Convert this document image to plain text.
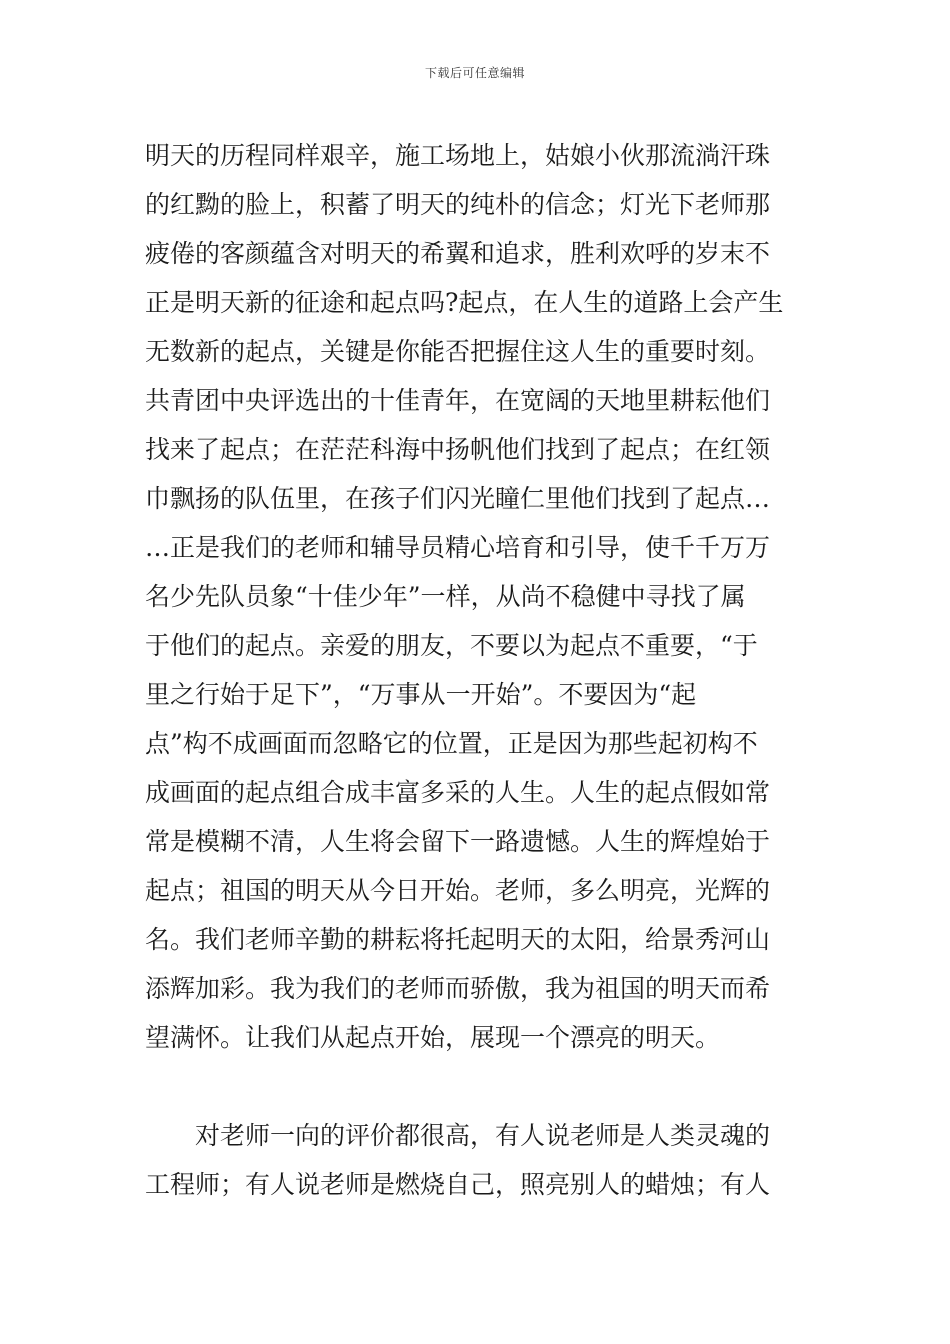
下载后可任意编辑
明天的历程同样艰辛，施工场地上，姑娘小伙那流淌汗珠
的红黝的脸上，积蓄了明天的纯朴的信念；灯光下老师那
疲倦的客颜蕴含对明天的希翼和追求，胜利欢呼的岁末不
正是明天新的征途和起点吗?起点，在人生的道路上会产生
无数新的起点，关键是你能否把握住这人生的重要时刻。
共青团中央评选出的十佳青年，在宽阔的天地里耕耘他们
找来了起点；在茫茫科海中扬帆他们找到了起点；在红领
巾飘扬的队伍里，在孩子们闪光瞳仁里他们找到了起点…
…正是我们的老师和辅导员精心培育和引导，使千千万万
名少先队员象“十佳少年”一样，从尚不稳健中寻找了属
于他们的起点。亲爱的朋友，不要以为起点不重要，“于
里之行始于足下”，“万事从一开始”。不要因为“起
点”构不成画面而忽略它的位置，正是因为那些起初构不
成画面的起点组合成丰富多采的人生。人生的起点假如常
常是模糊不清，人生将会留下一路遗憾。人生的辉煌始于
起点；祖国的明天从今日开始。老师，多么明亮，光辉的
名。我们老师辛勤的耕耘将托起明天的太阳，给景秀河山
添辉加彩。我为我们的老师而骄傲，我为祖国的明天而希
望满怀。让我们从起点开始，展现一个漂亮的明天。
　　对老师一向的评价都很高，有人说老师是人类灵魂的
工程师；有人说老师是燃烧自己，照亮别人的蜡烛；有人
